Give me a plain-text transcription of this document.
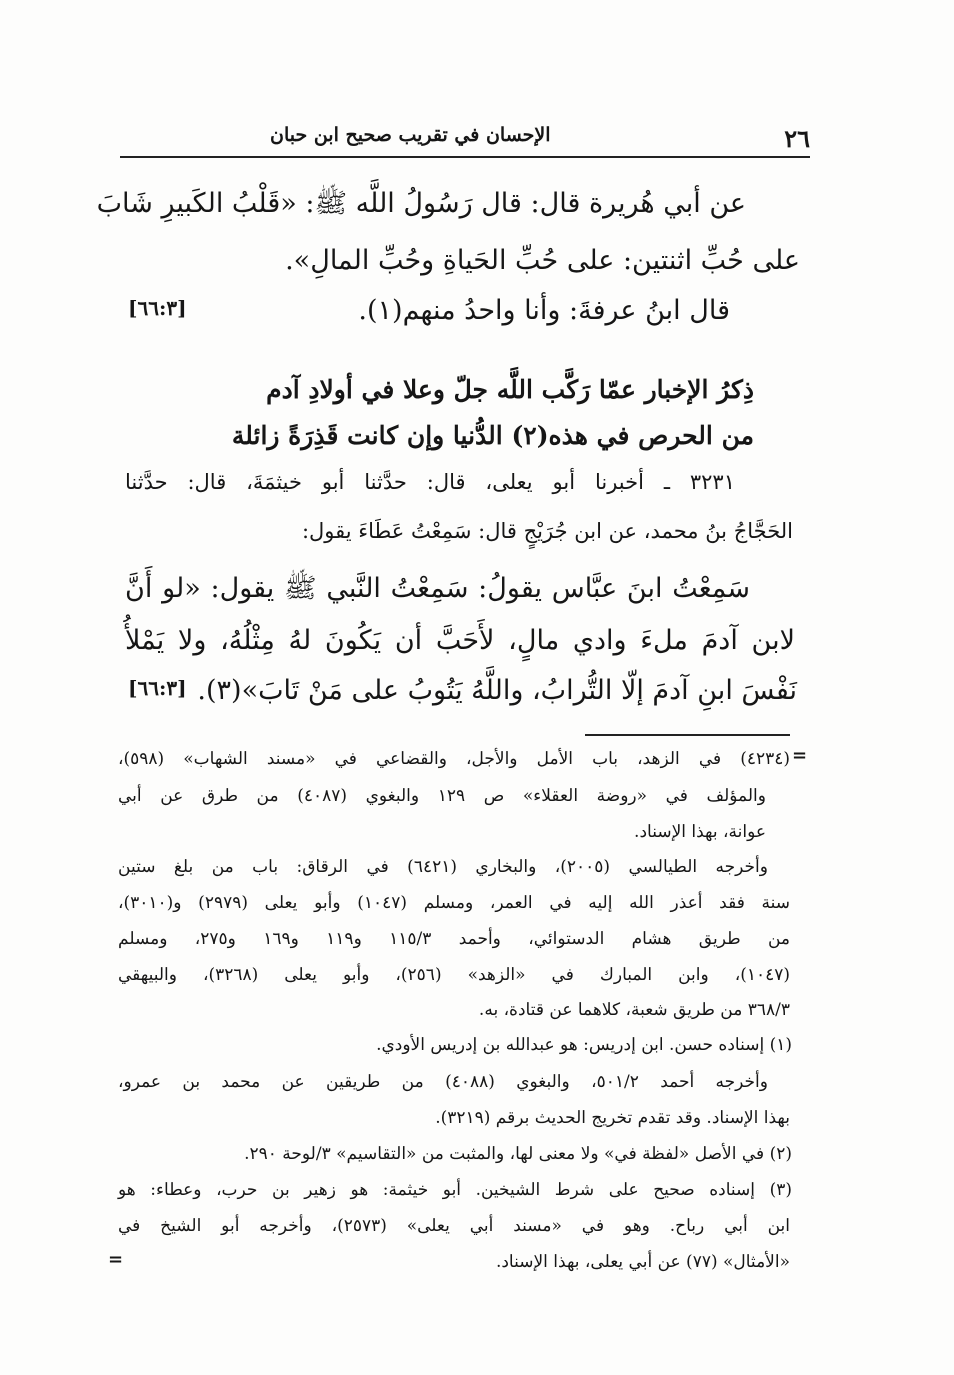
٢٦
الإحسان في تقريب صحيح ابن حبان
عن أبي هُريرة قال: قال رَسُولُ اللَّه ﷺ: «قَلْبُ الكَبيرِ شَابَ
على حُبِّ اثنتين: على حُبِّ الحَياةِ وحُبِّ المالِ».
قال ابنُ عرفةَ: وأنا واحدُ منهم(١).
[٦٦:٣]
ذِكرُ الإخبار عمّا رَكَّب اللَّه جلّ وعلا في أولادِ آدم
من الحرص في هذه(٢) الدُّنيا وإن كانت قَذِرَةً زائلة
٣٢٣١ ـ أخبرنا أبو يعلى، قال: حدَّثنا أبو خيثمَةَ، قال: حدَّثنا
الحَجَّاجُ بنُ محمد، عن ابن جُرَيْجٍ قال: سَمِعْتُ عَطَاءَ يقول:
سَمِعْتُ ابنَ عبَّاس يقولُ: سَمِعْتُ النَّبي ﷺ يقول: «لو أَنَّ
لابن آدمَ ملءَ وادي مالٍ، لأَحَبَّ أن يَكُونَ لهُ مِثْلُهُ، ولا يَمْلأُ
نَفْسَ ابنِ آدمَ إلّا التُّرابُ، واللَّهُ يَتُوبُ على مَنْ تَابَ»(٣).
[٦٦:٣]
=
(٤٢٣٤) في الزهد، باب الأمل والأجل، والقضاعي في «مسند الشهاب» (٥٩٨)،
والمؤلف في «روضة العقلاء» ص ١٢٩ والبغوي (٤٠٨٧) من طرق عن أبي
عوانة، بهذا الإسناد.
وأخرجه الطيالسي (٢٠٠٥)، والبخاري (٦٤٢١) في الرقاق: باب من بلغ ستين
سنة فقد أعذر الله إليه في العمر، ومسلم (١٠٤٧) وأبو يعلى (٢٩٧٩) و(٣٠١٠)،
من طريق هشام الدستوائي، وأحمد ١١٥/٣ و١١٩ و١٦٩ و٢٧٥، ومسلم
(١٠٤٧)، وابن المبارك في «الزهد» (٢٥٦)، وأبو يعلى (٣٢٦٨)، والبيهقي
٣٦٨/٣ من طريق شعبة، كلاهما عن قتادة، به.
(١) إسناده حسن. ابن إدريس: هو عبدالله بن إدريس الأودي.
وأخرجه أحمد ٥٠١/٢، والبغوي (٤٠٨٨) من طريقين عن محمد بن عمرو،
بهذا الإسناد. وقد تقدم تخريج الحديث برقم (٣٢١٩).
(٢) في الأصل «لفظة في» ولا معنى لها، والمثبت من «التقاسيم» ٣/لوحة ٢٩٠.
(٣) إسناده صحيح على شرط الشيخين. أبو خيثمة: هو زهير بن حرب، وعطاء: هو
ابن أبي رباح. وهو في «مسند أبي يعلى» (٢٥٧٣)، وأخرجه أبو الشيخ في
«الأمثال» (٧٧) عن أبي يعلى، بهذا الإسناد.
=
